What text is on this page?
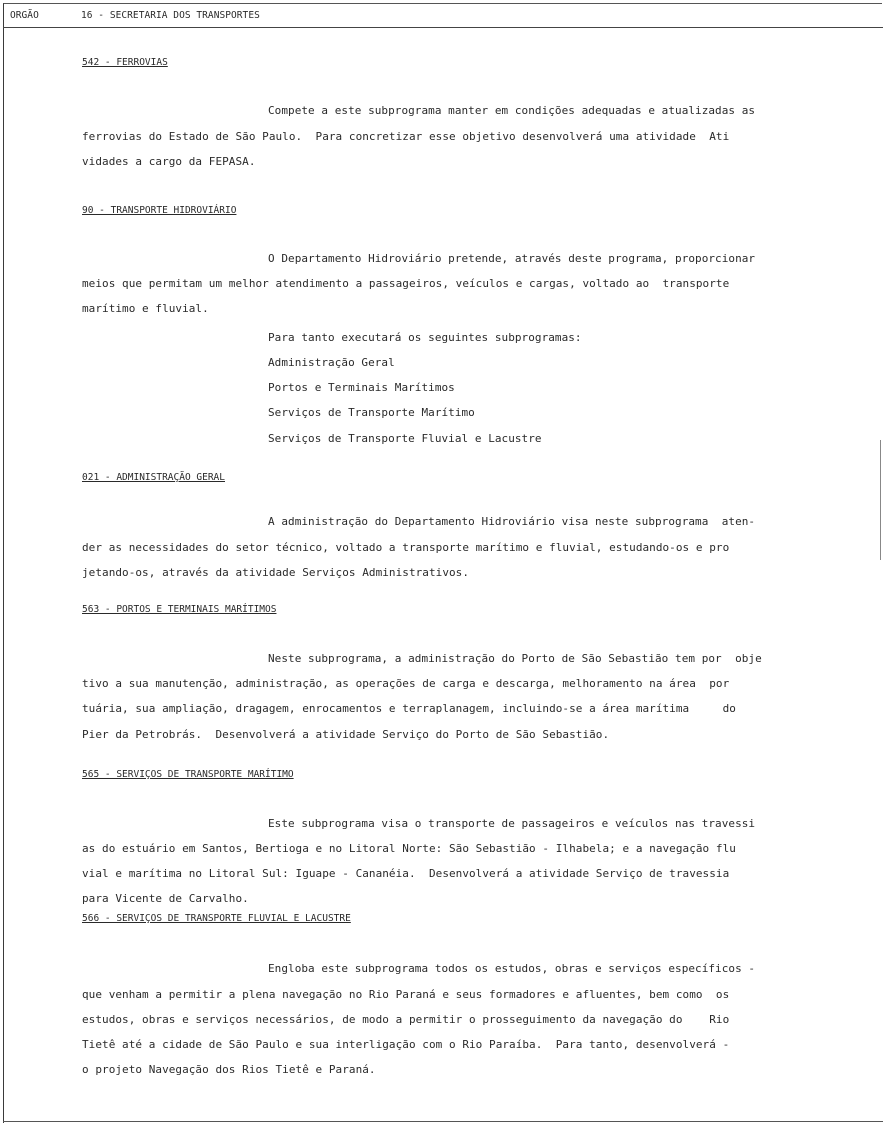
ORGÃO	16 - SECRETARIA DOS TRANSPORTES
542 - FERROVIAS
Compete a este subprograma manter em condições adequadas e atualizadas as
ferrovias do Estado de São Paulo.  Para concretizar esse objetivo desenvolverá uma atividade  Ati
vidades a cargo da FEPASA.
90 - TRANSPORTE HIDROVIÁRIO
O Departamento Hidroviário pretende, através deste programa, proporcionar
meios que permitam um melhor atendimento a passageiros, veículos e cargas, voltado ao  transporte
marítimo e fluvial.
Para tanto executará os seguintes subprogramas:
Administração Geral
Portos e Terminais Marítimos
Serviços de Transporte Marítimo
Serviços de Transporte Fluvial e Lacustre
021 - ADMINISTRAÇÃO GERAL
A administração do Departamento Hidroviário visa neste subprograma  aten-
der as necessidades do setor técnico, voltado a transporte marítimo e fluvial, estudando-os e pro
jetando-os, através da atividade Serviços Administrativos.
563 - PORTOS E TERMINAIS MARÍTIMOS
Neste subprograma, a administração do Porto de São Sebastião tem por  obje
tivo a sua manutenção, administração, as operações de carga e descarga, melhoramento na área  por
tuária, sua ampliação, dragagem, enrocamentos e terraplanagem, incluindo-se a área marítima     do
Pier da Petrobrás.  Desenvolverá a atividade Serviço do Porto de São Sebastião.
565 - SERVIÇOS DE TRANSPORTE MARÍTIMO
Este subprograma visa o transporte de passageiros e veículos nas travessi
as do estuário em Santos, Bertioga e no Litoral Norte: São Sebastião - Ilhabela; e a navegação flu
vial e marítima no Litoral Sul: Iguape - Cananéia.  Desenvolverá a atividade Serviço de travessia
para Vicente de Carvalho.
566 - SERVIÇOS DE TRANSPORTE FLUVIAL E LACUSTRE
Engloba este subprograma todos os estudos, obras e serviços específicos -
que venham a permitir a plena navegação no Rio Paraná e seus formadores e afluentes, bem como  os
estudos, obras e serviços necessários, de modo a permitir o prosseguimento da navegação do    Rio
Tietê até a cidade de São Paulo e sua interligação com o Rio Paraíba.  Para tanto, desenvolverá -
o projeto Navegação dos Rios Tietê e Paraná.
